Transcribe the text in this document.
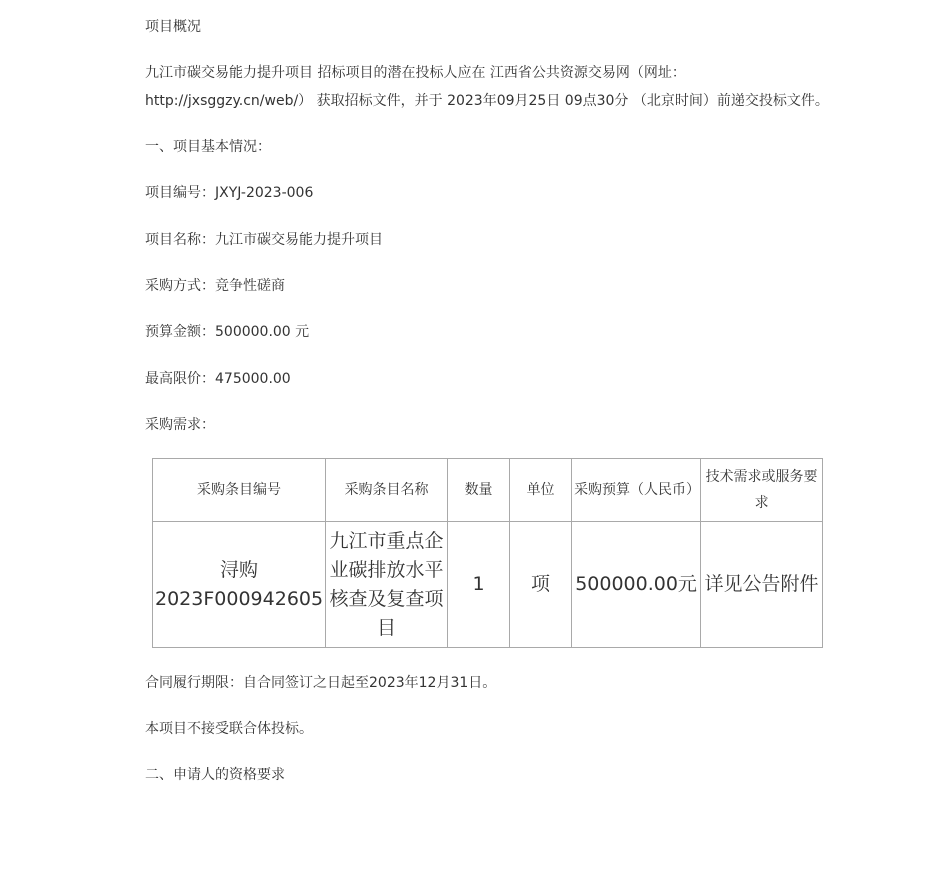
项目概况

九江市碳交易能力提升项目 招标项目的潜在投标人应在 江西省公共资源交易网（网址：

http://jxsggzy.cn/web/） 获取招标文件，并于 2023年09月25日 09点30分 （北京时间）前递交投标文件。

一、项目基本情况：

项目编号：JXYJ-2023-006

项目名称：九江市碳交易能力提升项目

采购方式：竞争性磋商

预算金额：500000.00 元

最高限价：475000.00

采购需求：

采购条目编号	采购条目名称	数量	单位	采购预算（人民币）	技术需求或服务要求
浔购2023F000942605	九江市重点企业碳排放水平核查及复查项目	1	项	500000.00元	详见公告附件

合同履行期限：自合同签订之日起至2023年12月31日。

本项目不接受联合体投标。

二、申请人的资格要求
